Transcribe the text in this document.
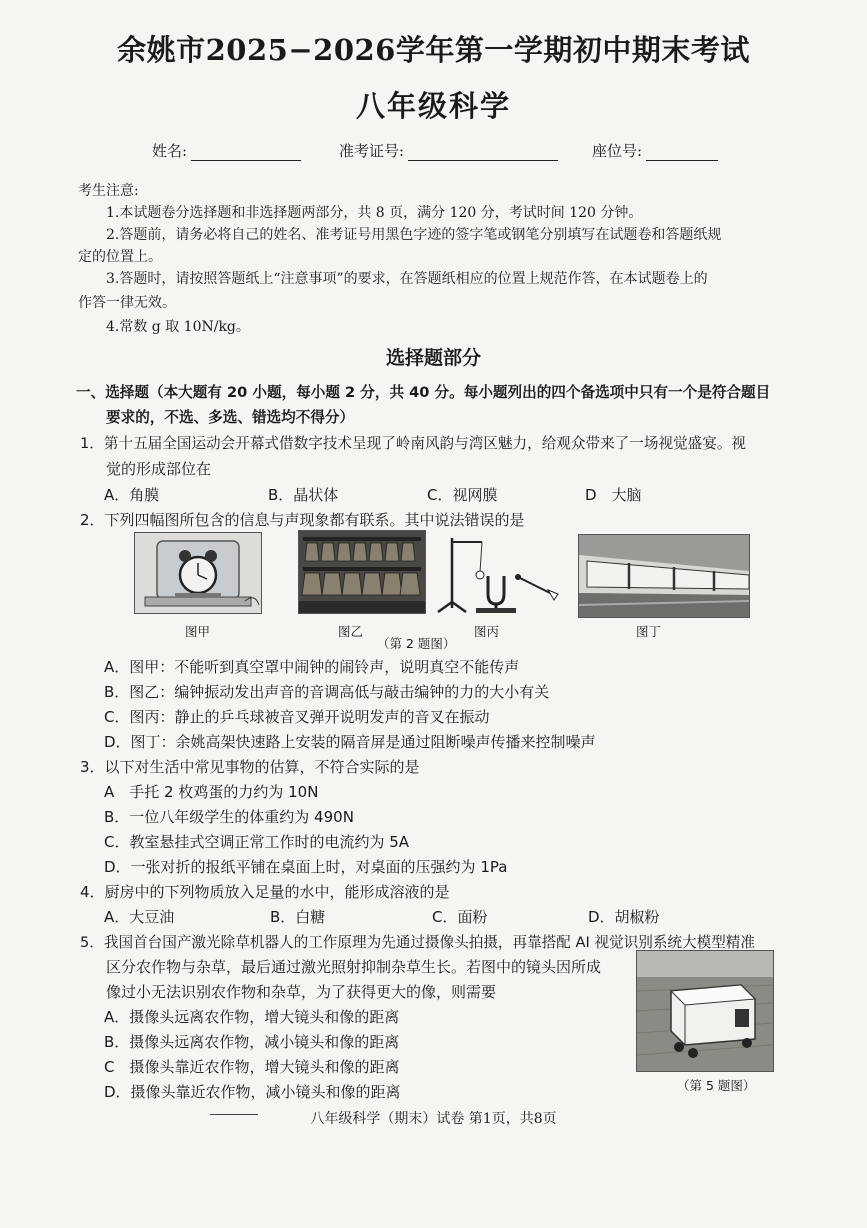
余姚市2025−2026学年第一学期初中期末考试
八年级科学
姓名:	准考证号:	座位号:
考生注意:
1.本试题卷分选择题和非选择题两部分，共 8 页，满分 120 分，考试时间 120 分钟。
2.答题前，请务必将自己的姓名、准考证号用黑色字迹的签字笔或钢笔分别填写在试题卷和答题纸规
定的位置上。
3.答题时，请按照答题纸上“注意事项”的要求，在答题纸相应的位置上规范作答，在本试题卷上的
作答一律无效。
4.常数 g 取 10N/kg。
选择题部分
一、选择题（本大题有 20 小题，每小题 2 分，共 40 分。每小题列出的四个备选项中只有一个是符合题目
要求的，不选、多选、错选均不得分）
1．第十五届全国运动会开幕式借数字技术呈现了岭南风韵与湾区魅力，给观众带来了一场视觉盛宴。视
觉的形成部位在
A．角膜	B．晶状体	C．视网膜	D　大脑
2．下列四幅图所包含的信息与声现象都有联系。其中说法错误的是
图甲	图乙	图丙	图丁
（第 2 题图）
A．图甲：不能听到真空罩中闹钟的闹铃声，说明真空不能传声
B．图乙：编钟振动发出声音的音调高低与敲击编钟的力的大小有关
C．图丙：静止的乒乓球被音叉弹开说明发声的音叉在振动
D．图丁：余姚高架快速路上安装的隔音屏是通过阻断噪声传播来控制噪声
3．以下对生活中常见事物的估算，不符合实际的是
A　手托 2 枚鸡蛋的力约为 10N
B．一位八年级学生的体重约为 490N
C．教室悬挂式空调正常工作时的电流约为 5A
D．一张对折的报纸平铺在桌面上时，对桌面的压强约为 1Pa
4．厨房中的下列物质放入足量的水中，能形成溶液的是
A．大豆油	B．白糖	C．面粉	D．胡椒粉
5．我国首台国产激光除草机器人的工作原理为先通过摄像头拍摄，再靠搭配 AI 视觉识别系统大模型精准
区分农作物与杂草，最后通过激光照射抑制杂草生长。若图中的镜头因所成
像过小无法识别农作物和杂草，为了获得更大的像，则需要
A．摄像头远离农作物，增大镜头和像的距离
B．摄像头远离农作物，减小镜头和像的距离
C　摄像头靠近农作物，增大镜头和像的距离
D．摄像头靠近农作物，减小镜头和像的距离	（第 5 题图）
八年级科学（期末）试卷 第1页，共8页
